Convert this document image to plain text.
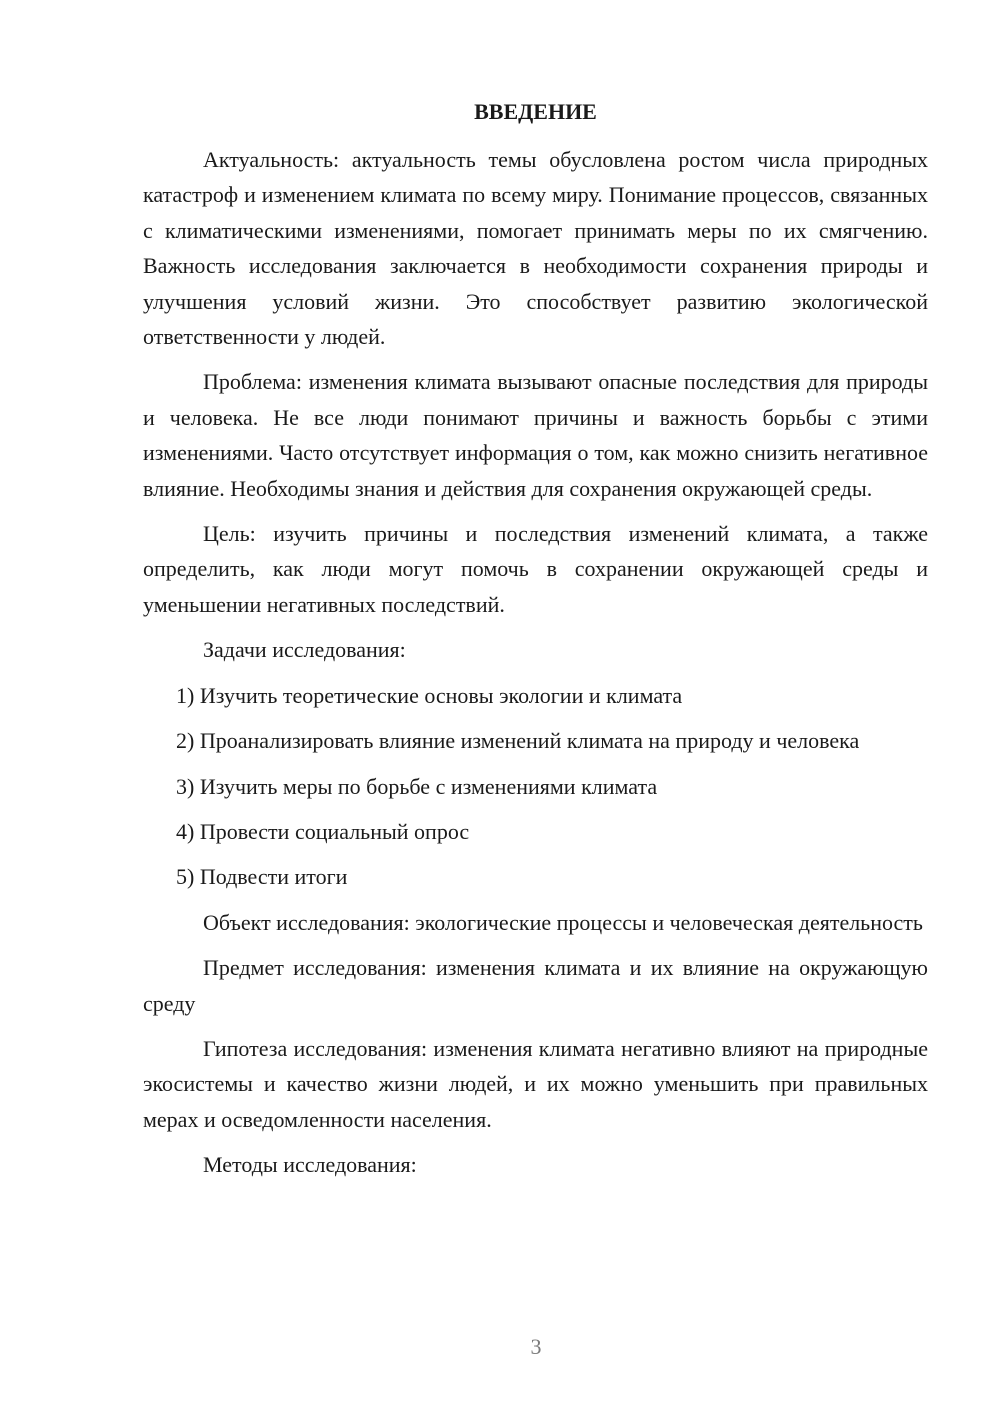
ВВЕДЕНИЕ

Актуальность: актуальность темы обусловлена ростом числа природных катастроф и изменением климата по всему миру. Понимание процессов, связанных с климатическими изменениями, помогает принимать меры по их смягчению. Важность исследования заключается в необходимости сохранения природы и улучшения условий жизни. Это способствует развитию экологической ответственности у людей.

Проблема: изменения климата вызывают опасные последствия для природы и человека. Не все люди понимают причины и важность борьбы с этими изменениями. Часто отсутствует информация о том, как можно снизить негативное влияние. Необходимы знания и действия для сохранения окружающей среды.

Цель: изучить причины и последствия изменений климата, а также определить, как люди могут помочь в сохранении окружающей среды и уменьшении негативных последствий.

Задачи исследования:

1) Изучить теоретические основы экологии и климата

2) Проанализировать влияние изменений климата на природу и человека

3) Изучить меры по борьбе с изменениями климата

4) Провести социальный опрос

5) Подвести итоги

Объект исследования: экологические процессы и человеческая деятельность

Предмет исследования: изменения климата и их влияние на окружающую среду

Гипотеза исследования: изменения климата негативно влияют на природные экосистемы и качество жизни людей, и их можно уменьшить при правильных мерах и осведомленности населения.

Методы исследования:

3
